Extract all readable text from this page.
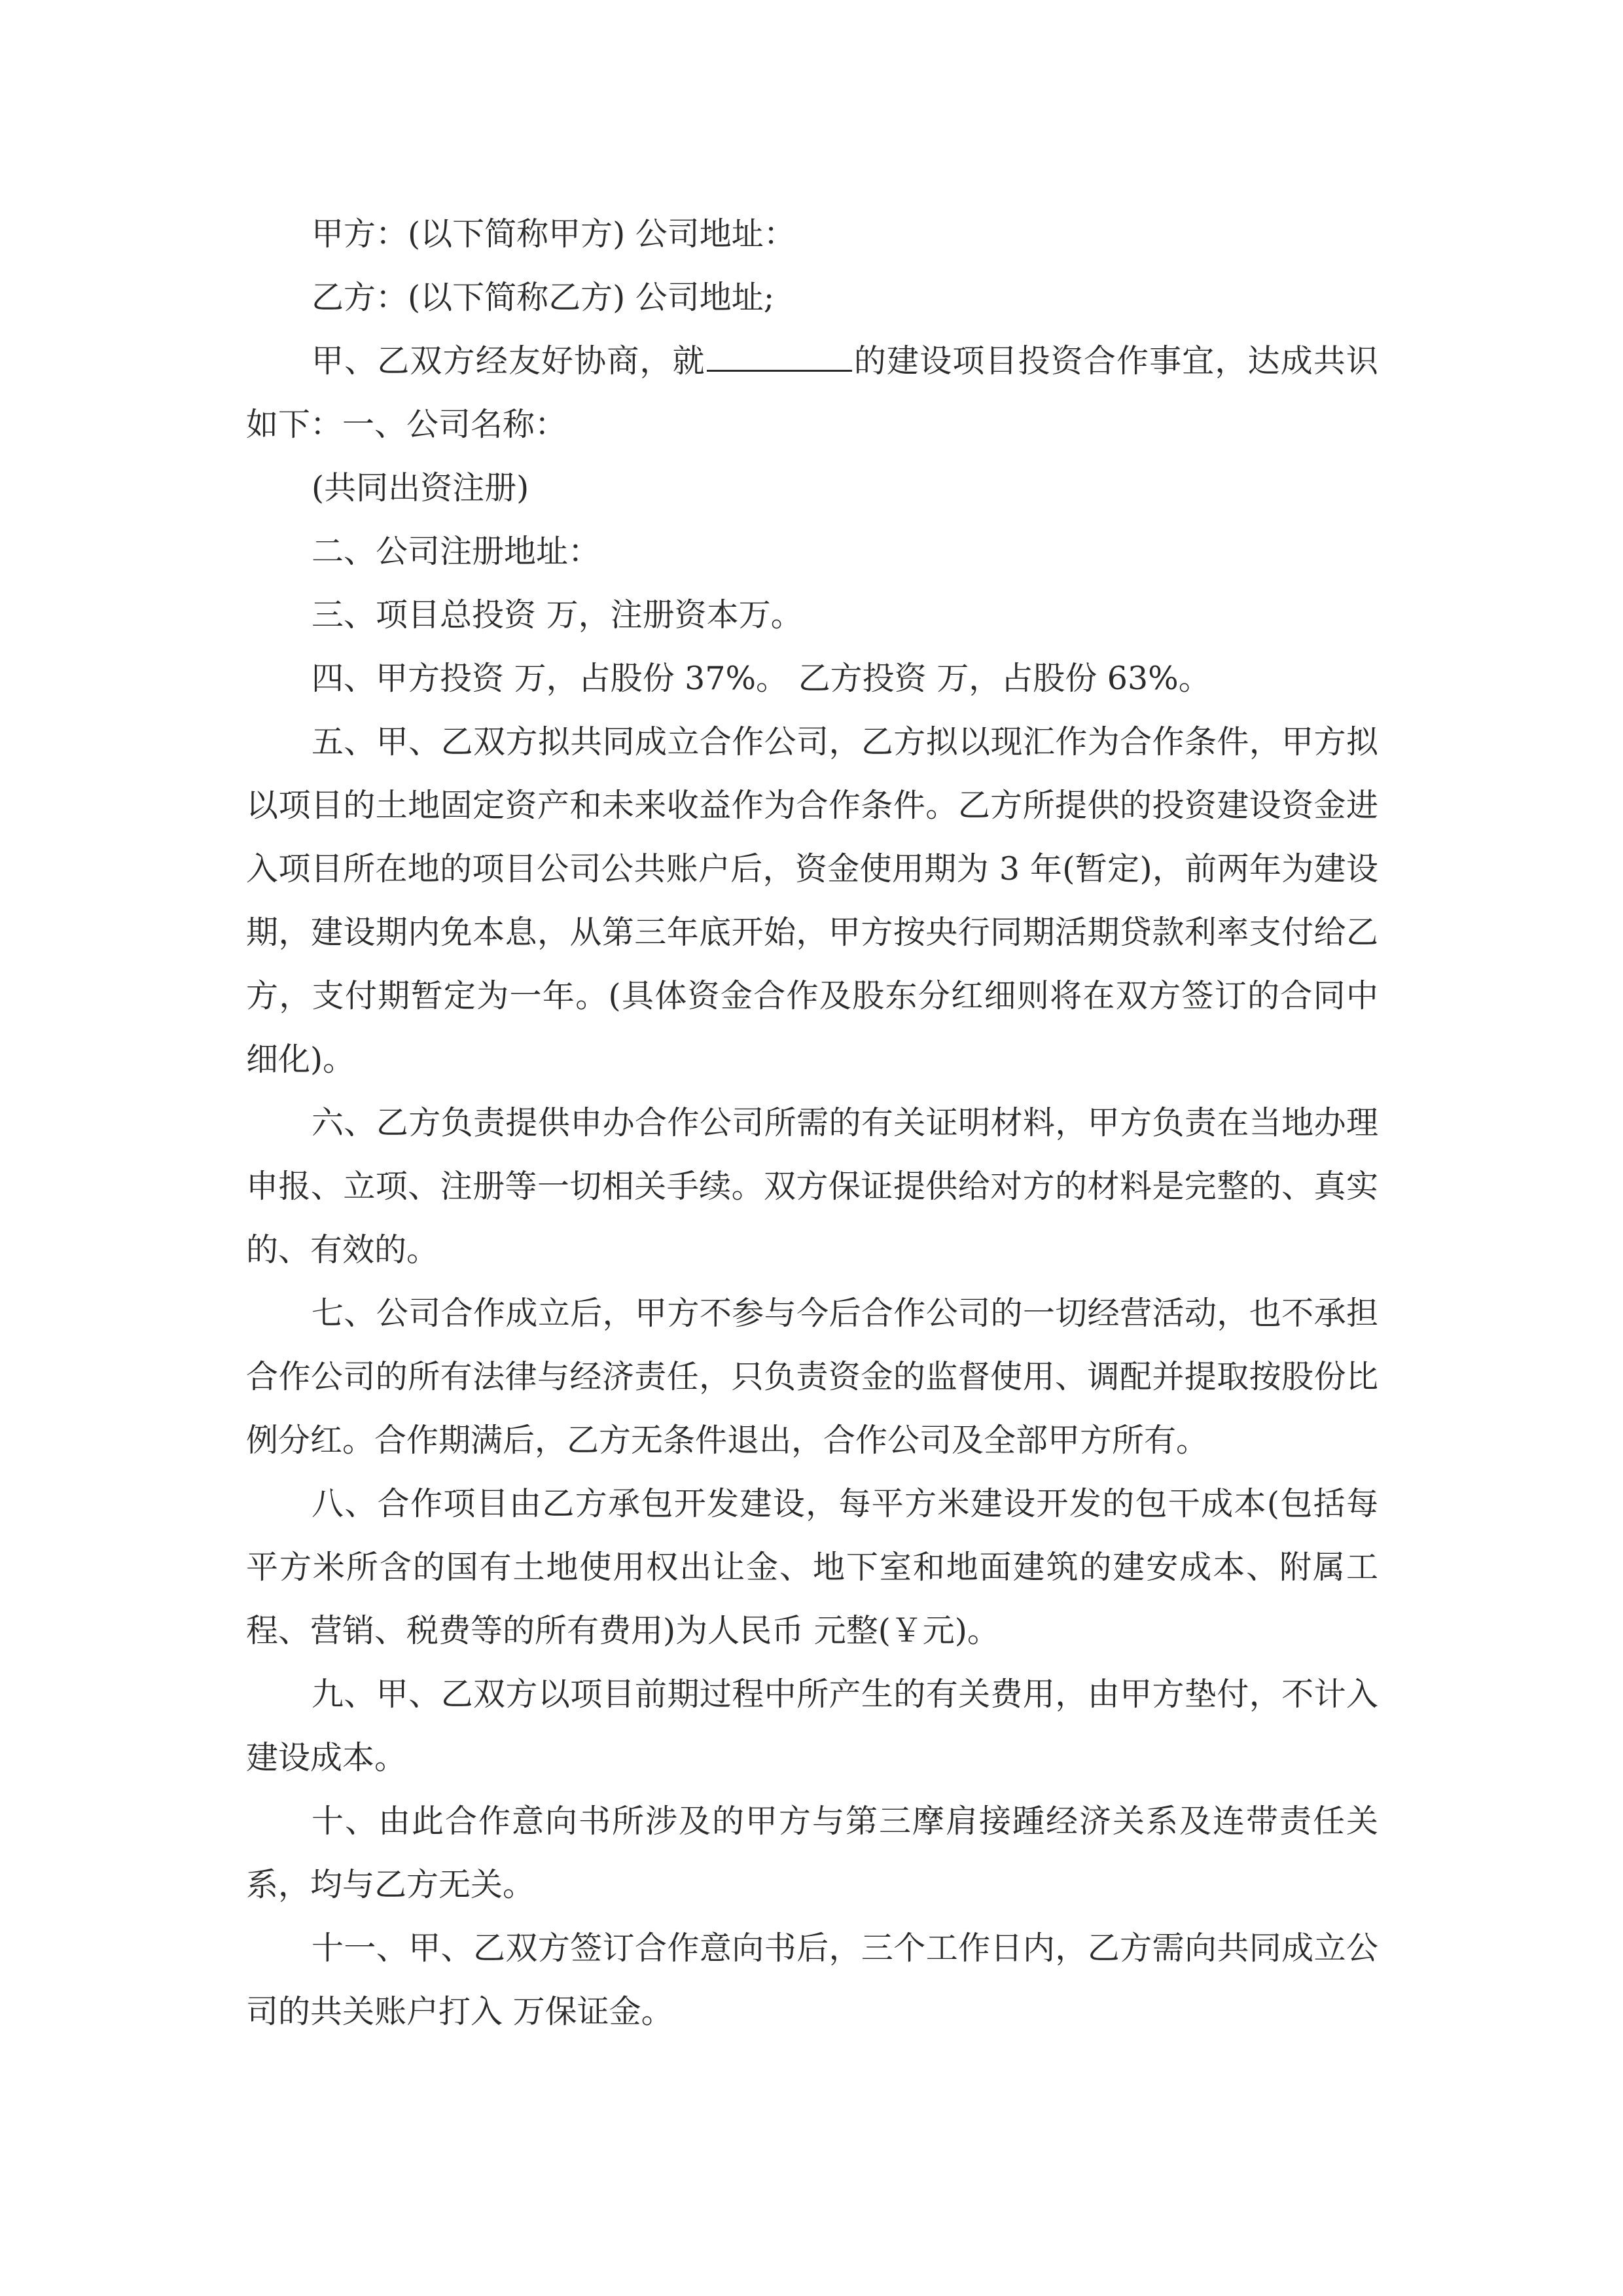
甲方：(以下简称甲方) 公司地址：

乙方：(以下简称乙方) 公司地址;

甲、乙双方经友好协商，就	的建设项目投资合作事宜，达成共识如下：一、公司名称：

(共同出资注册)

二、公司注册地址：

三、项目总投资 万，注册资本万。

四、甲方投资 万，占股份 37%。 乙方投资 万，占股份 63%。

五、甲、乙双方拟共同成立合作公司，乙方拟以现汇作为合作条件，甲方拟以项目的土地固定资产和未来收益作为合作条件。乙方所提供的投资建设资金进入项目所在地的项目公司公共账户后，资金使用期为 3 年(暂定)，前两年为建设期，建设期内免本息，从第三年底开始，甲方按央行同期活期贷款利率支付给乙方，支付期暂定为一年。(具体资金合作及股东分红细则将在双方签订的合同中细化)。

六、乙方负责提供申办合作公司所需的有关证明材料，甲方负责在当地办理申报、立项、注册等一切相关手续。双方保证提供给对方的材料是完整的、真实的、有效的。

七、公司合作成立后，甲方不参与今后合作公司的一切经营活动，也不承担合作公司的所有法律与经济责任，只负责资金的监督使用、调配并提取按股份比例分红。合作期满后，乙方无条件退出，合作公司及全部甲方所有。

八、合作项目由乙方承包开发建设，每平方米建设开发的包干成本(包括每平方米所含的国有土地使用权出让金、地下室和地面建筑的建安成本、附属工程、营销、税费等的所有费用)为人民币 元整(￥元)。

九、甲、乙双方以项目前期过程中所产生的有关费用，由甲方垫付，不计入建设成本。

十、由此合作意向书所涉及的甲方与第三摩肩接踵经济关系及连带责任关系，均与乙方无关。

十一、甲、乙双方签订合作意向书后，三个工作日内，乙方需向共同成立公司的共关账户打入 万保证金。
